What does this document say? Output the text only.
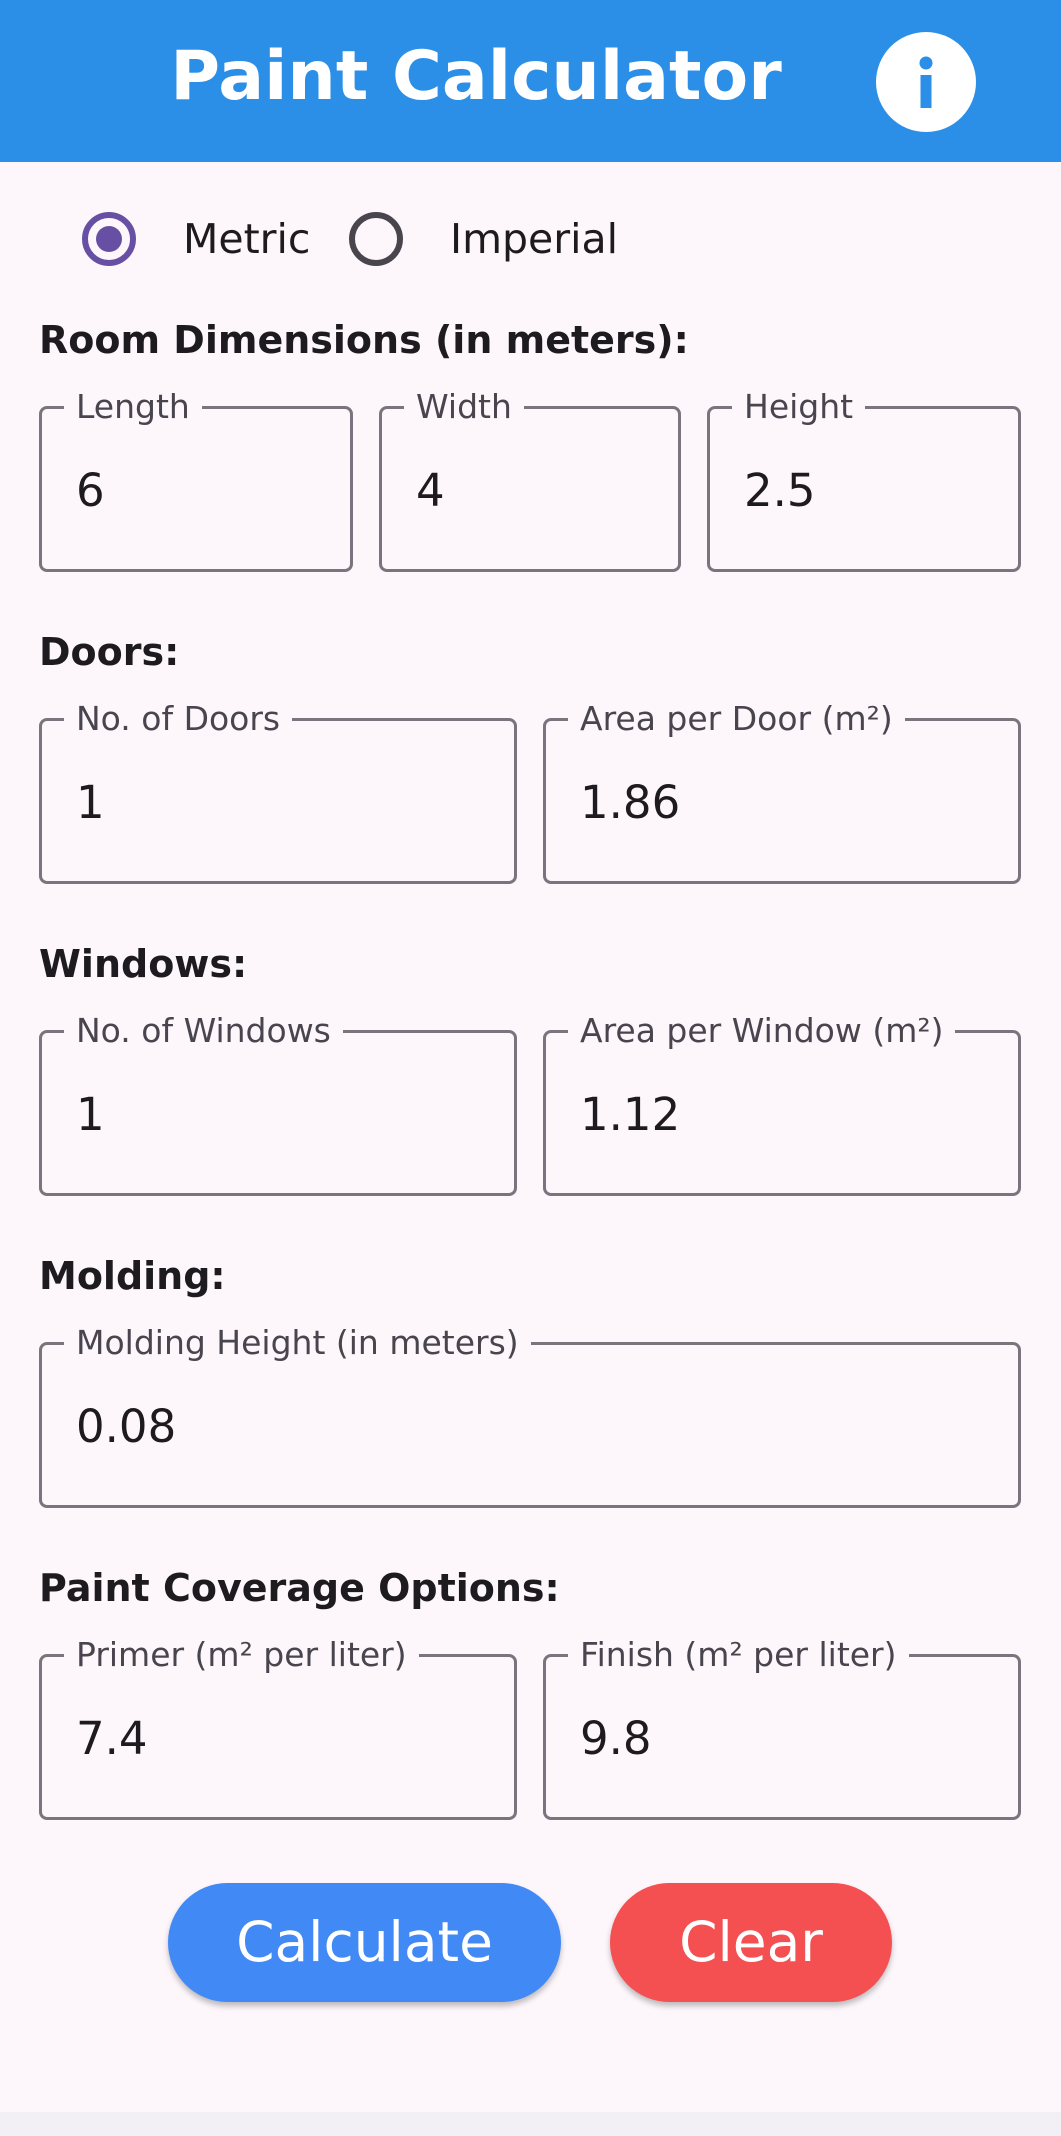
Paint Calculator
Metric	Imperial
Room Dimensions (in meters):
Length
6	Width
4	Height
2.5
Doors:
No. of Doors
1	Area per Door (m²)
1.86
Windows:
No. of Windows
1	Area per Window (m²)
1.12
Molding:
Molding Height (in meters)
0.08
Paint Coverage Options:
Primer (m² per liter)
7.4	Finish (m² per liter)
9.8
Calculate	Clear
